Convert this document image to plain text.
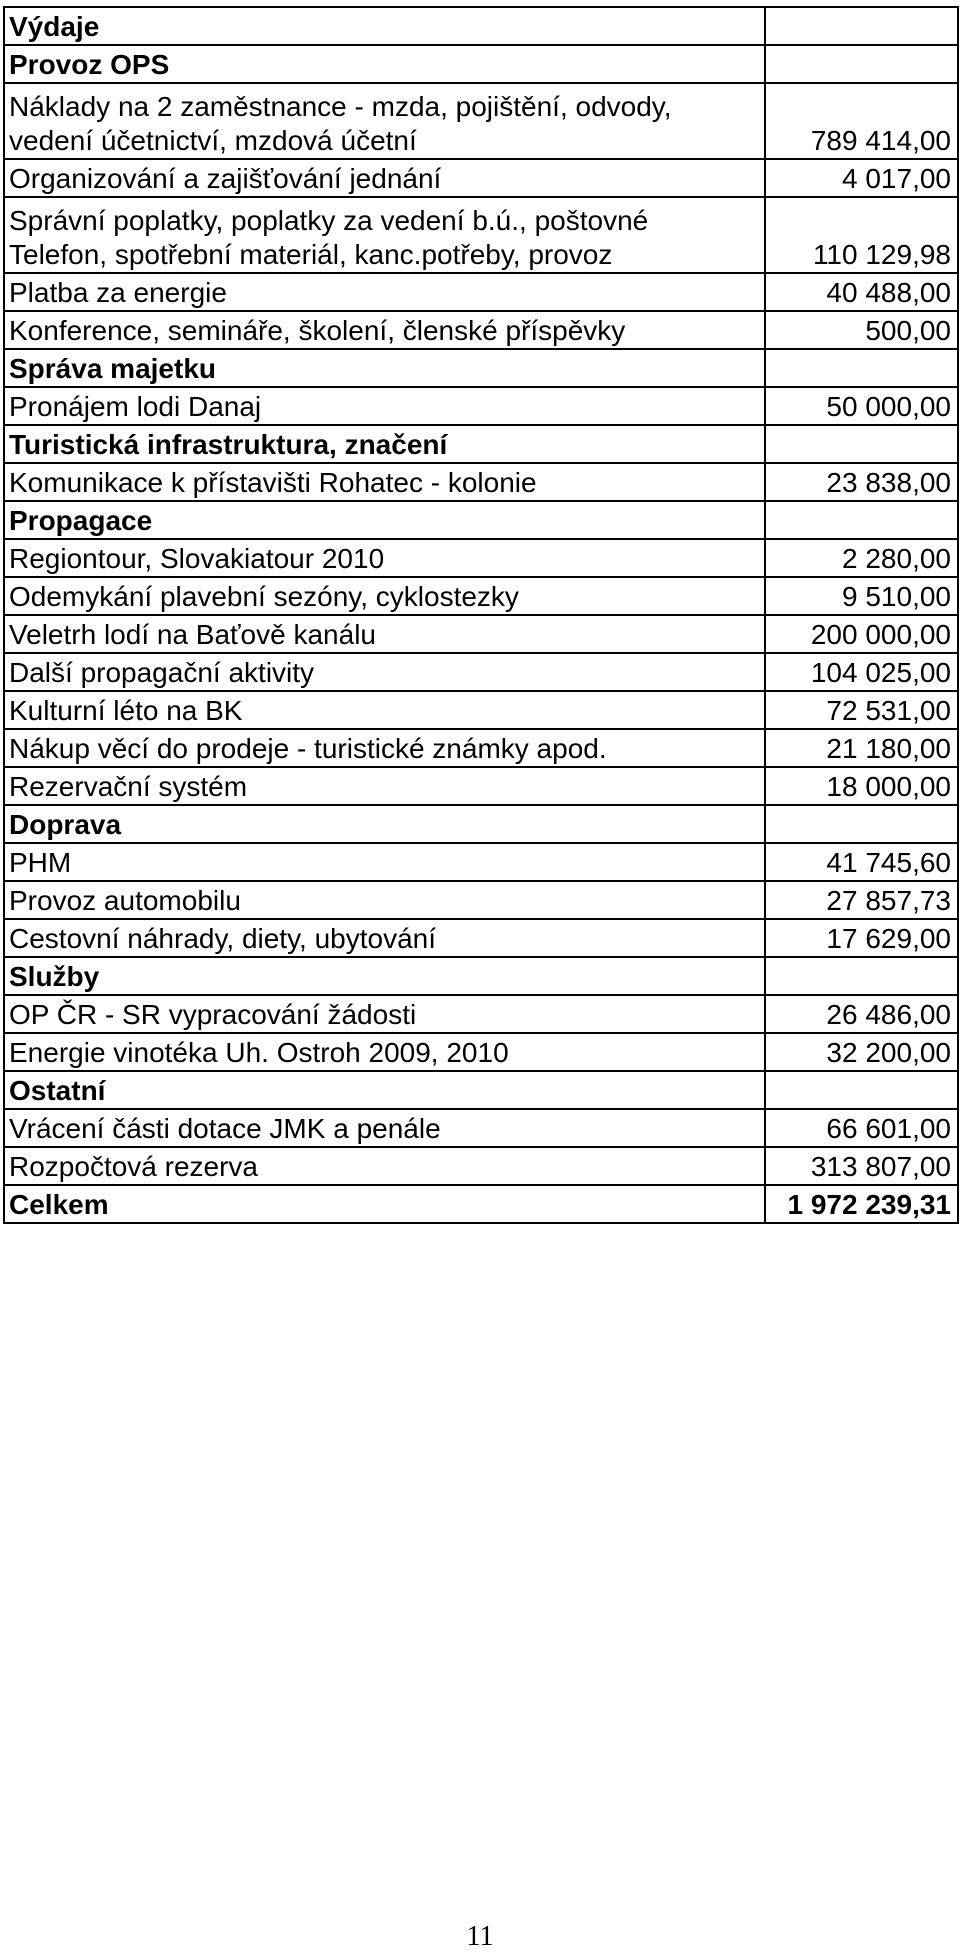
Výdaje	
Provoz OPS	

Náklady na 2 zaměstnance - mzda, pojištění, odvody,
vedení účetnictví, mzdová účetní	789 414,00
Organizování a zajišťování jednání	4 017,00

Správní poplatky, poplatky za vedení b.ú., poštovné
Telefon, spotřební materiál, kanc.potřeby, provoz	110 129,98
Platba za energie	40 488,00
Konference, semináře, školení, členské příspěvky	500,00
Správa majetku	
Pronájem lodi Danaj	50 000,00
Turistická infrastruktura, značení	
Komunikace k přístavišti Rohatec - kolonie	23 838,00
Propagace	
Regiontour, Slovakiatour 2010	2 280,00
Odemykání plavební sezóny, cyklostezky	9 510,00
Veletrh lodí na Baťově kanálu	200 000,00
Další propagační aktivity	104 025,00
Kulturní léto na BK	72 531,00
Nákup věcí do prodeje - turistické známky apod.	21 180,00
Rezervační systém	18 000,00
Doprava	
PHM	41 745,60
Provoz automobilu	27 857,73
Cestovní náhrady, diety, ubytování	17 629,00
Služby	
OP ČR - SR vypracování žádosti	26 486,00
Energie vinotéka Uh. Ostroh 2009, 2010	32 200,00
Ostatní	
Vrácení části dotace JMK a penále	66 601,00
Rozpočtová rezerva	313 807,00
Celkem	1 972 239,31
11
